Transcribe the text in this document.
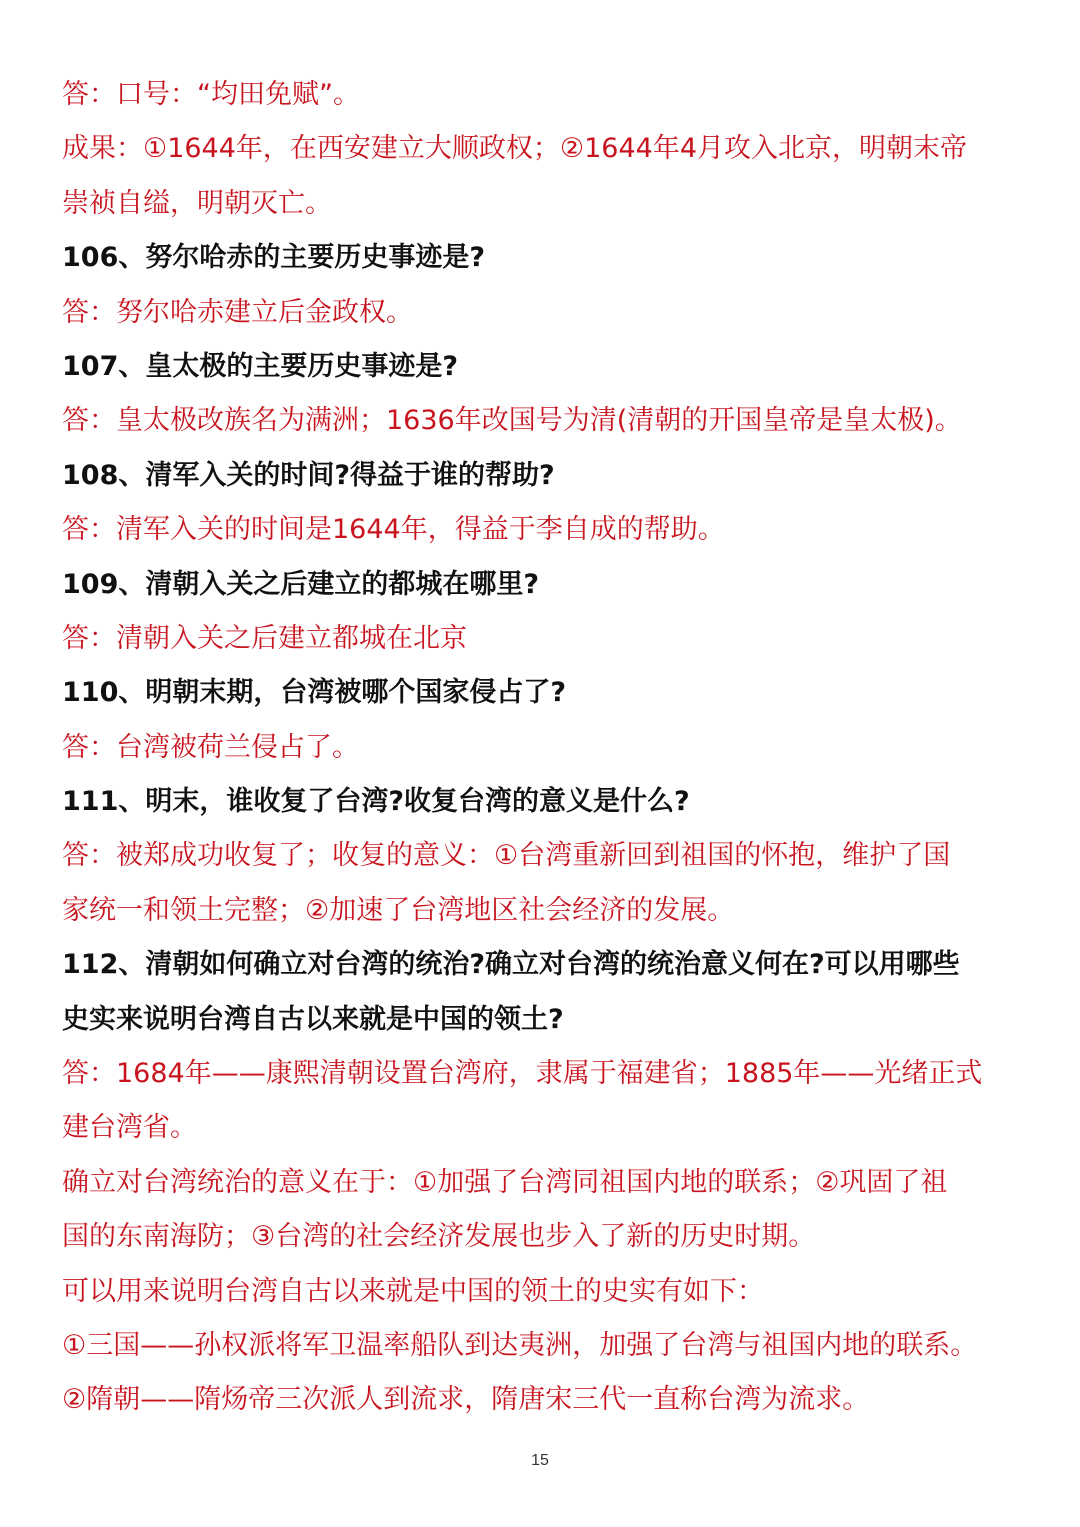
答：口号：“均田免赋”。
成果：①1644年，在西安建立大顺政权；②1644年4月攻入北京，明朝末帝
崇祯自缢，明朝灭亡。
106、努尔哈赤的主要历史事迹是?
答：努尔哈赤建立后金政权。
107、皇太极的主要历史事迹是?
答：皇太极改族名为满洲；1636年改国号为清(清朝的开国皇帝是皇太极)。
108、清军入关的时间?得益于谁的帮助?
答：清军入关的时间是1644年，得益于李自成的帮助。
109、清朝入关之后建立的都城在哪里?
答：清朝入关之后建立都城在北京
110、明朝末期，台湾被哪个国家侵占了?
答：台湾被荷兰侵占了。
111、明末，谁收复了台湾?收复台湾的意义是什么?
答：被郑成功收复了；收复的意义：①台湾重新回到祖国的怀抱，维护了国
家统一和领土完整；②加速了台湾地区社会经济的发展。
112、清朝如何确立对台湾的统治?确立对台湾的统治意义何在?可以用哪些
史实来说明台湾自古以来就是中国的领土?
答：1684年——康熙清朝设置台湾府，隶属于福建省；1885年——光绪正式
建台湾省。
确立对台湾统治的意义在于：①加强了台湾同祖国内地的联系；②巩固了祖
国的东南海防；③台湾的社会经济发展也步入了新的历史时期。
可以用来说明台湾自古以来就是中国的领土的史实有如下：
①三国——孙权派将军卫温率船队到达夷洲，加强了台湾与祖国内地的联系。
②隋朝——隋炀帝三次派人到流求，隋唐宋三代一直称台湾为流求。
15
